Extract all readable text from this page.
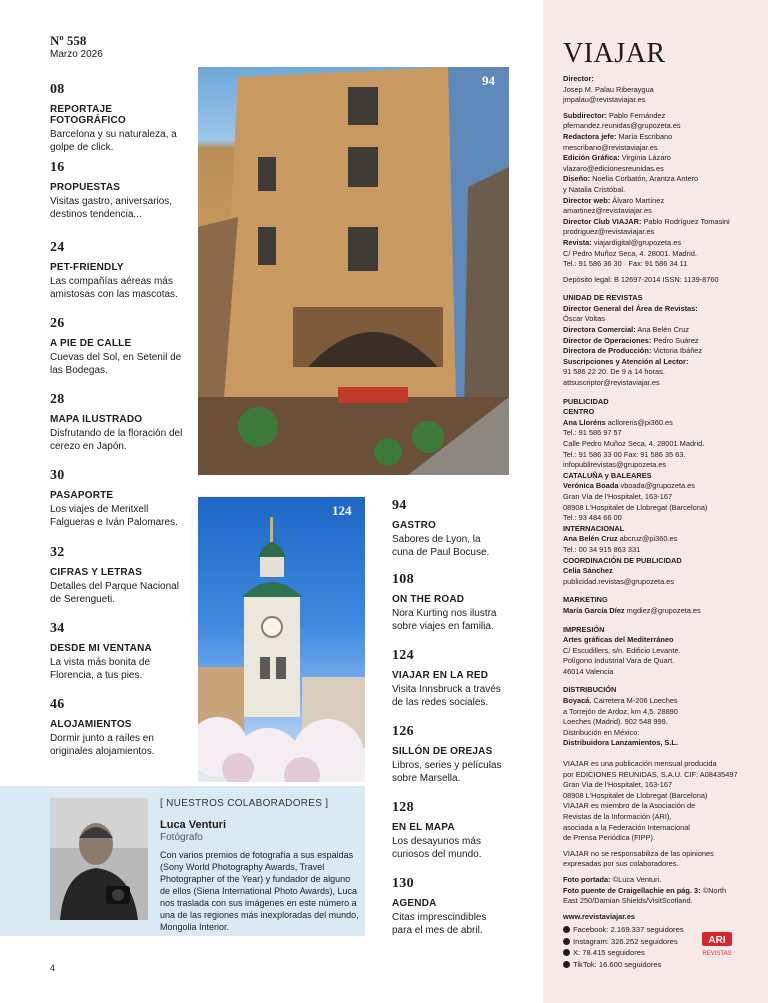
Nº 558
Marzo 2026
08
REPORTAJE FOTOGRÁFICO
Barcelona y su naturaleza, a golpe de click.
16
PROPUESTAS
Visitas gastro, aniversarios, destinos tendencia...
24
PET-FRIENDLY
Las compañías aéreas más amistosas con las mascotas.
26
A PIE DE CALLE
Cuevas del Sol, en Setenil de las Bodegas.
28
MAPA ILUSTRADO
Disfrutando de la floración del cerezo en Japón.
30
PASAPORTE
Los viajes de Meritxell Falgueras e Iván Palomares.
32
CIFRAS Y LETRAS
Detalles del Parque Nacional de Serengueti.
34
DESDE MI VENTANA
La vista más bonita de Florencia, a tus pies.
46
ALOJAMIENTOS
Dormir junto a raíles en originales alojamientos.
94
124	94
GASTRO
Sabores de Lyon, la cuna de Paul Bocuse.
108
ON THE ROAD
Nora Kurting nos ilustra sobre viajes en familia.
124
VIAJAR EN LA RED
Visita Innsbruck a través de las redes sociales.
126
SILLÓN DE OREJAS
Libros, series y películas sobre Marsella.
128
EN EL MAPA
Los desayunos más curiosos del mundo.
130
AGENDA
Citas imprescindibles para el mes de abril.
[ NUESTROS COLABORADORES ]
Luca Venturi
Fotógrafo
Con varios premios de fotografía a sus espaldas (Sony World Photography Awards, Travel Photographer of the Year) y fundador de alguno de ellos (Siena International Photo Awards), Luca nos traslada con sus imágenes en este número a una de las regiones más inexploradas del mundo, Mongolia Interior.
VIAJAR
Director:
Josep M. Palau Riberaygua
jmpalau@revistaviajar.es
Subdirector: Pablo Fernández
pfernandez.reunidas@grupozeta.es
Redactora jefe: María Escribano
mescribano@revistaviajar.es
Edición Gráfica: Virginia Lázaro
vlazaro@edicionesreunidas.es
Diseño: Noelia Corbatón, Arantza Antero
y Natalia Cristóbal.
Director web: Álvaro Martínez
amartinez@revistaviajar.es
Director Club VIAJAR: Pablo Rodríguez Tomasini
prodriguez@revistaviajar.es
Revista: viajardigital@grupozeta.es
C/ Pedro Muñoz Seca, 4. 28001. Madrid.
Tel.: 91 586 36 30 · Fax: 91 586 34 11
Depósito legal: B 12697-2014 ISSN: 1139-8760
UNIDAD DE REVISTAS
Director General del Área de Revistas:
Óscar Voltas
Directora Comercial: Ana Belén Cruz
Director de Operaciones: Pedro Suárez
Directora de Producción: Victoria Ibáñez
Suscripciones y Atención al Lector:
91 586 22 20. De 9 a 14 horas.
attsuscriptor@revistaviajar.es
PUBLICIDAD
CENTRO
Ana Lloréns acllorens@pi360.es
Tel.: 91 586 97 57
Calle Pedro Muñoz Seca, 4. 28001 Madrid.
Tel.: 91 586 33 00 Fax: 91 586 35 63.
infopublirevistas@grupozeta.es
CATALUÑA y BALEARES
Verónica Boada vboada@grupozeta.es
Gran Vía de l'Hospitalet, 163-167
08908 L'Hospitalet de Llobregat (Barcelona)
Tel.: 93 484 66 00
INTERNACIONAL
Ana Belén Cruz abcruz@pi360.es
Tel.: 00 34 915 863 331
COORDINACIÓN DE PUBLICIDAD
Celia Sánchez
publicidad.revistas@grupozeta.es
MARKETING
María García Díez mgdiez@grupozeta.es
IMPRESIÓN
Artes gráficas del Mediterráneo
C/ Escudillers, s/n. Edificio Levante.
Polígono Industrial Vara de Quart.
46014 Valencia
DISTRIBUCIÓN
Boyacá. Carretera M-206 Loeches
a Torrejón de Ardoz, km 4,5. 28890
Loeches (Madrid). 902 548 999.
Distribución en México:
Distribuidora Lanzamientos, S.L.
VIAJAR es una publicación mensual producida
por EDICIONES REUNIDAS, S.A.U. CIF: A08435497
Gran Vía de l'Hospitalet, 163-167
08908 L'Hospitalet de Llobregat (Barcelona)
VIAJAR es miembro de la Asociación de
Revistas de la Información (ARI),
asociada a la Federación Internacional
de Prensa Periódica (FIPP).
VIAJAR no se responsabiliza de las opiniones
expresadas por sus colaboradores.
Foto portada: ©Luca Venturi.
Foto puente de Craigellachie en pág. 3: ©North
East 250/Damian Shields/VisitScotland.
www.revistaviajar.es
Facebook: 2.169.337 seguidores
Instagram: 326.252 seguidores
X: 78.415 seguidores
TikTok: 16.600 seguidores
ARI
REVISTAS
4
